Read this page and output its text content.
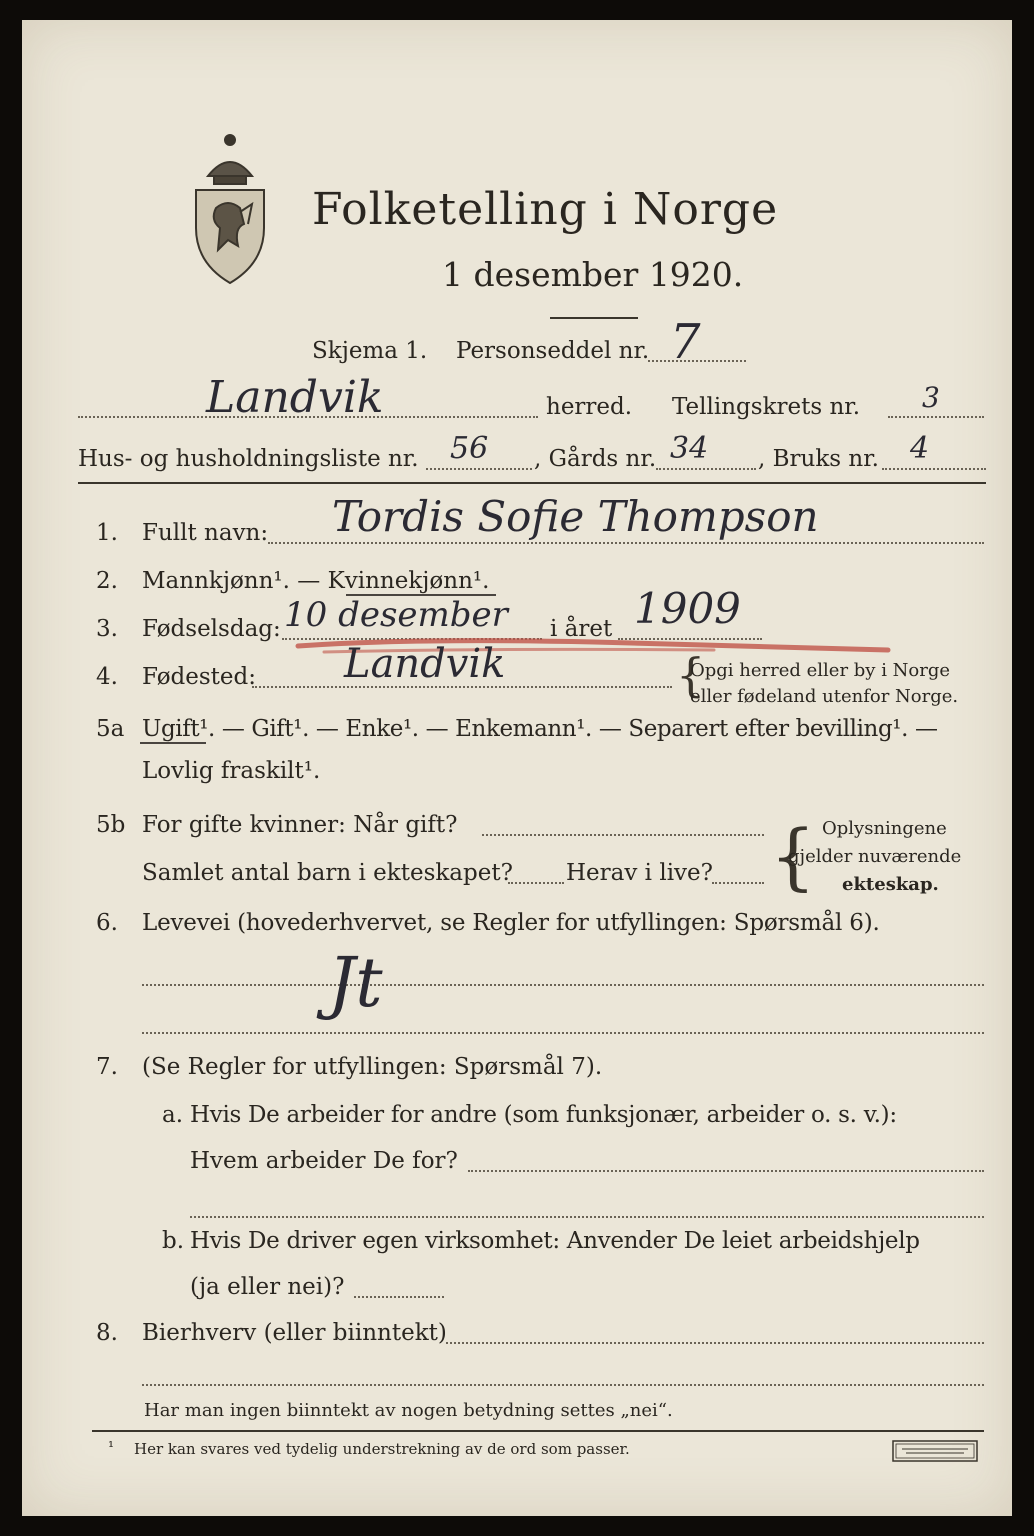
Folketelling i Norge
1 desember 1920.
Skjema 1. Personseddel nr. 7
Landvik	herred. Tellingskrets nr. 3
Hus- og husholdningsliste nr. 56 , Gårds nr. 34 , Bruks nr. 4
1. Fullt navn: Tordis Sofie Thompson
2. Mannkjønn¹. — Kvinnekjønn¹.
3. Fødselsdag: 10 desember i året 1909
4. Fødested: Landvik	{
Opgi herred eller by i Norge
eller fødeland utenfor Norge.
5a Ugift¹. — Gift¹. — Enke¹. — Enkemann¹. — Separert efter bevilling¹. —
Lovlig fraskilt¹.
5b For gifte kvinner: Når gift?
Samlet antal barn i ekteskapet? Herav i live? { Oplysningene
gjelder nuværende
ekteskap.
6. Levevei (hovederhvervet, se Regler for utfyllingen: Spørsmål 6).
Jt
7. (Se Regler for utfyllingen: Spørsmål 7).
a. Hvis De arbeider for andre (som funksjonær, arbeider o. s. v.):
Hvem arbeider De for?
b. Hvis De driver egen virksomhet: Anvender De leiet arbeidshjelp
(ja eller nei)?
8. Bierhverv (eller biinntekt)
Har man ingen biinntekt av nogen betydning settes „nei“.
¹ Her kan svares ved tydelig understrekning av de ord som passer.
